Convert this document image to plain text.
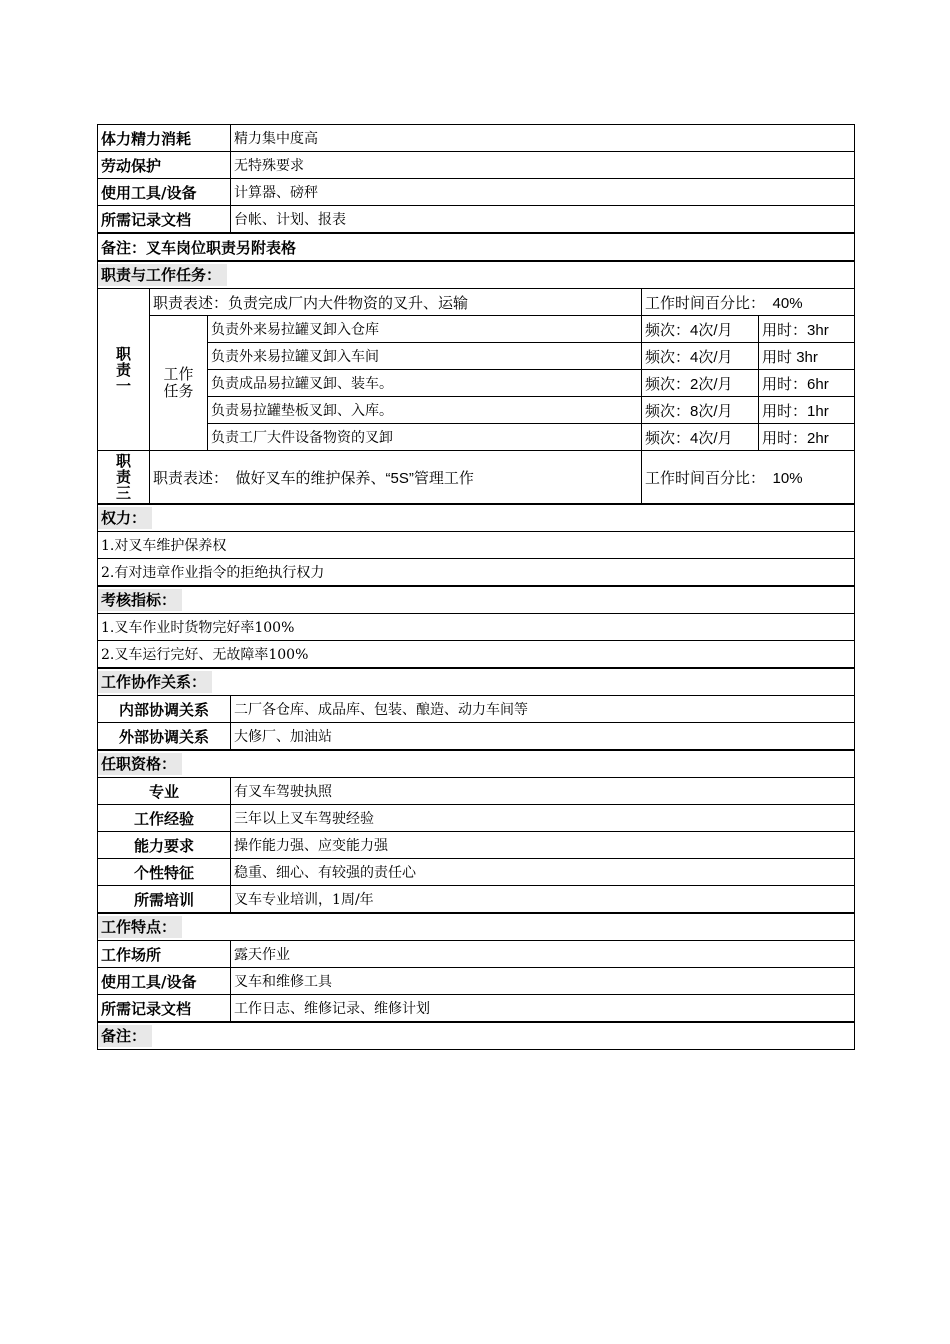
体力精力消耗			精力集中度高		
劳动保护			无特殊要求		
使用工具/设备			计算器、磅秤		
所需记录文档			台帐、计划、报表		
备注：叉车岗位职责另附表格					
职责与工作任务：					
职责一	职责表述：负责完成厂内大件物资的叉升、运输			工作时间百分比：　40%	
	工作任务	负责外来易拉罐叉卸入仓库		频次：4次/月	用时：3hr
		负责外来易拉罐叉卸入车间		频次：4次/月	用时 3hr
		负责成品易拉罐叉卸、装车。		频次：2次/月	用时：6hr
		负责易拉罐垫板叉卸、入库。		频次：8次/月	用时：1hr
		负责工厂大件设备物资的叉卸		频次：4次/月	用时：2hr
职责三	职责表述：　做好叉车的维护保养、“5S”管理工作			工作时间百分比：　10%	
权力：					
1.对叉车维护保养权					
2.有对违章作业指令的拒绝执行权力					
考核指标：					
1.叉车作业时货物完好率100%					
2.叉车运行完好、无故障率100%					
工作协作关系：					
内部协调关系			二厂各仓库、成品库、包装、酿造、动力车间等		
外部协调关系			大修厂、加油站		
任职资格：					
专业			有叉车驾驶执照		
工作经验			三年以上叉车驾驶经验		
能力要求			操作能力强、应变能力强		
个性特征			稳重、细心、有较强的责任心		
所需培训			叉车专业培训，1周/年		
工作特点：					
工作场所			露天作业		
使用工具/设备			叉车和维修工具		
所需记录文档			工作日志、维修记录、维修计划		
备注：					
